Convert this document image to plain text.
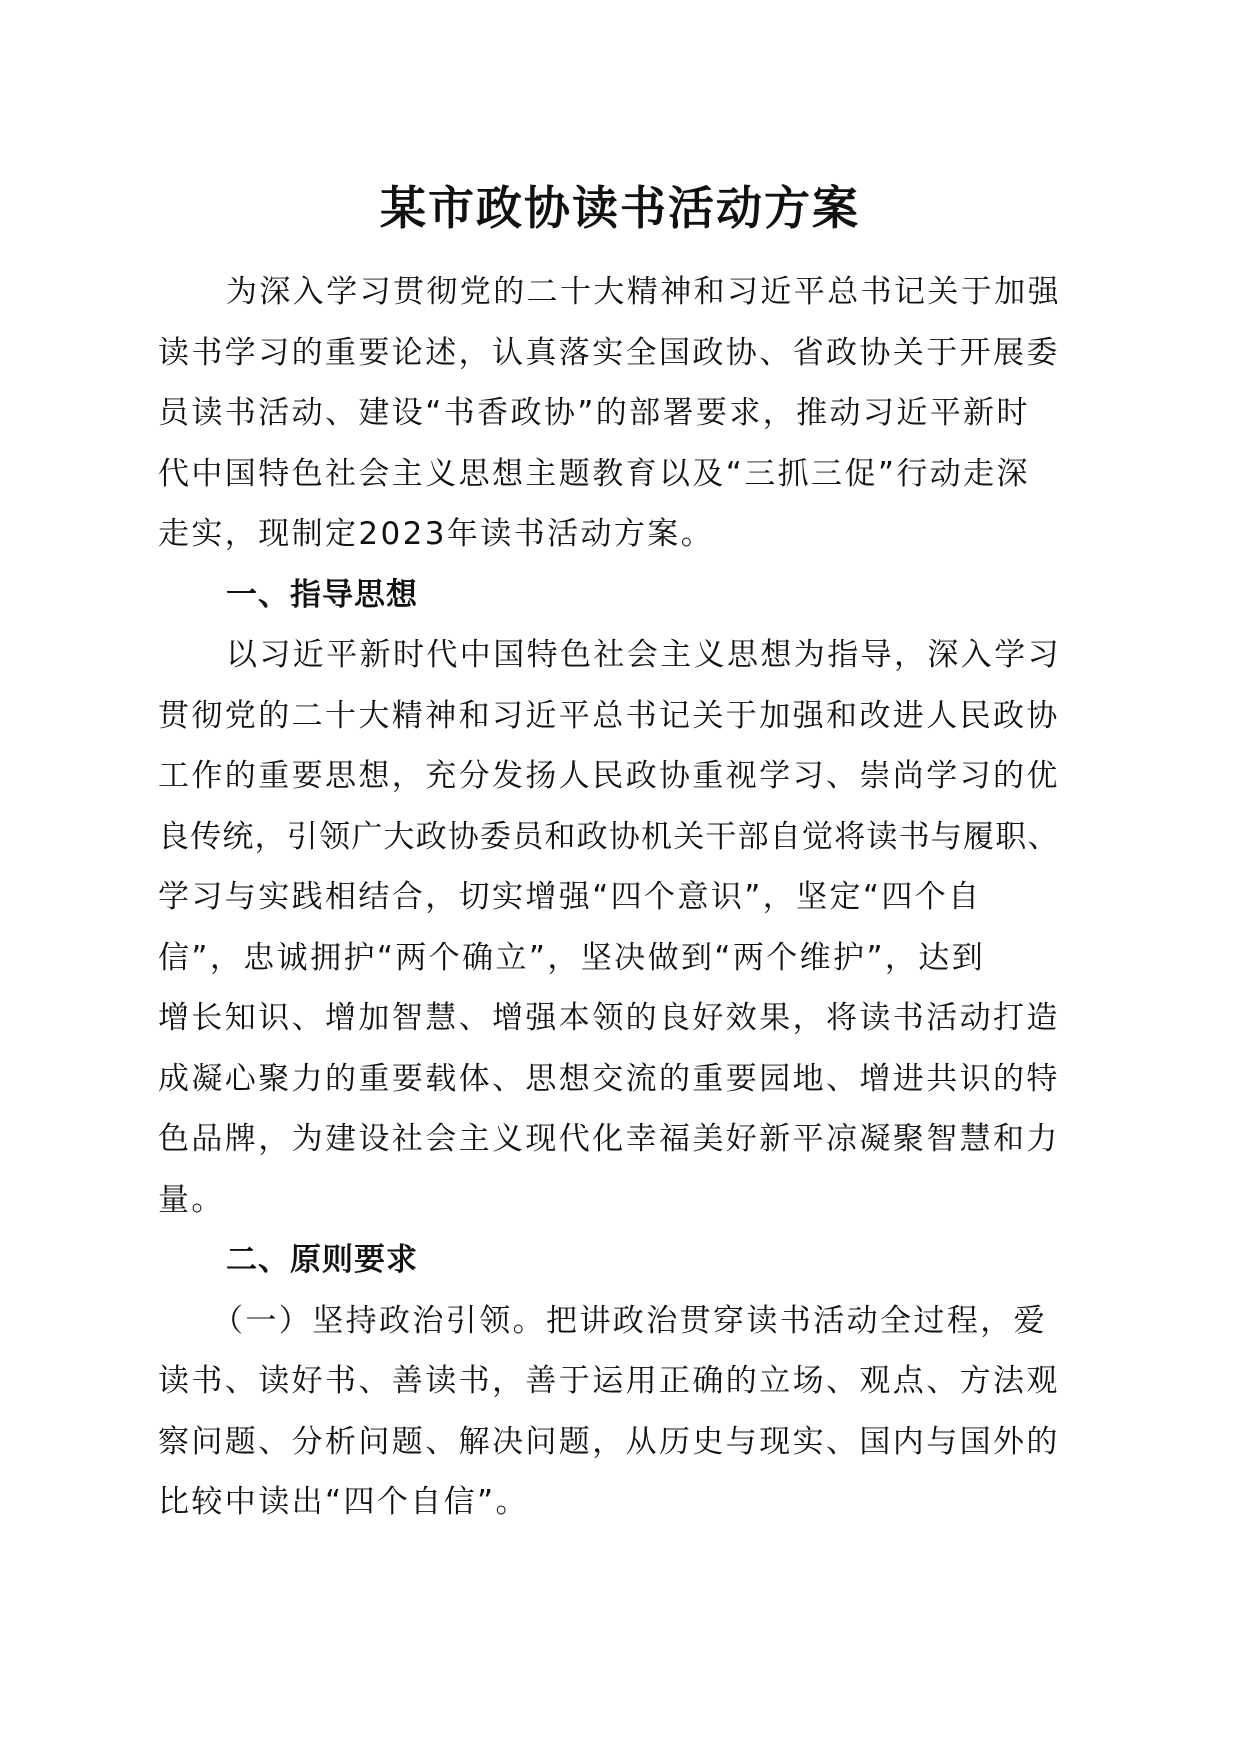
某市政协读书活动方案
为深入学习贯彻党的二十大精神和习近平总书记关于加强
读书学习的重要论述，认真落实全国政协、省政协关于开展委
员读书活动、建设“书香政协”的部署要求，推动习近平新时
代中国特色社会主义思想主题教育以及“三抓三促”行动走深
走实，现制定2023年读书活动方案。
一、指导思想
以习近平新时代中国特色社会主义思想为指导，深入学习
贯彻党的二十大精神和习近平总书记关于加强和改进人民政协
工作的重要思想，充分发扬人民政协重视学习、崇尚学习的优
良传统，引领广大政协委员和政协机关干部自觉将读书与履职、
学习与实践相结合，切实增强“四个意识”，坚定“四个自
信”，忠诚拥护“两个确立”，坚决做到“两个维护”，达到
增长知识、增加智慧、增强本领的良好效果，将读书活动打造
成凝心聚力的重要载体、思想交流的重要园地、增进共识的特
色品牌，为建设社会主义现代化幸福美好新平凉凝聚智慧和力
量。
二、原则要求
（一）坚持政治引领。把讲政治贯穿读书活动全过程，爱
读书、读好书、善读书，善于运用正确的立场、观点、方法观
察问题、分析问题、解决问题，从历史与现实、国内与国外的
比较中读出“四个自信”。
